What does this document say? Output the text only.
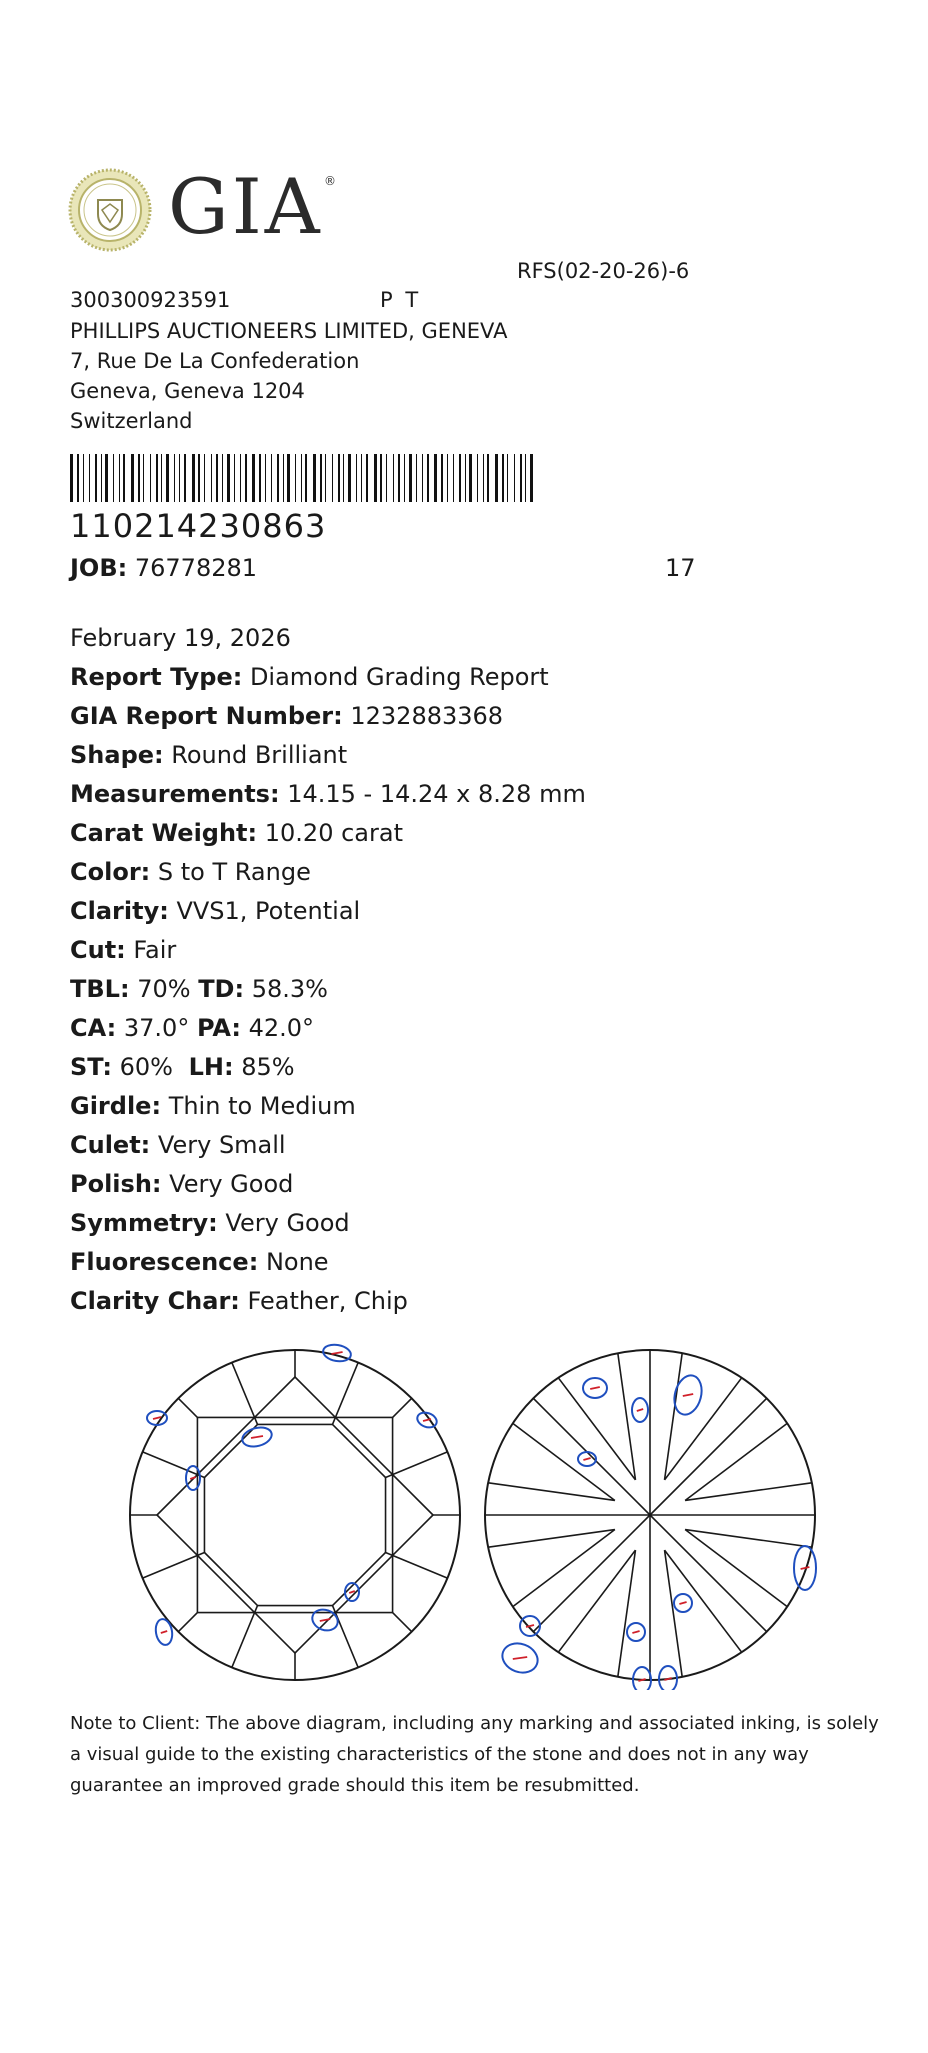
GIA ®
RFS(02-20-26)-6
300300923591	P T
PHILLIPS AUCTIONEERS LIMITED, GENEVA
7, Rue De La Confederation
Geneva, Geneva 1204
Switzerland
110214230863
JOB: 76778281	17
February 19, 2026
Report Type: Diamond Grading Report
GIA Report Number: 1232883368
Shape: Round Brilliant
Measurements: 14.15 - 14.24 x 8.28 mm
Carat Weight: 10.20 carat
Color: S to T Range
Clarity: VVS1, Potential
Cut: Fair
TBL: 70% TD: 58.3%
CA: 37.0° PA: 42.0°
ST: 60% LH: 85%
Girdle: Thin to Medium
Culet: Very Small
Polish: Very Good
Symmetry: Very Good
Fluorescence: None
Clarity Char: Feather, Chip
Note to Client: The above diagram, including any marking and associated inking, is solely
a visual guide to the existing characteristics of the stone and does not in any way
guarantee an improved grade should this item be resubmitted.
